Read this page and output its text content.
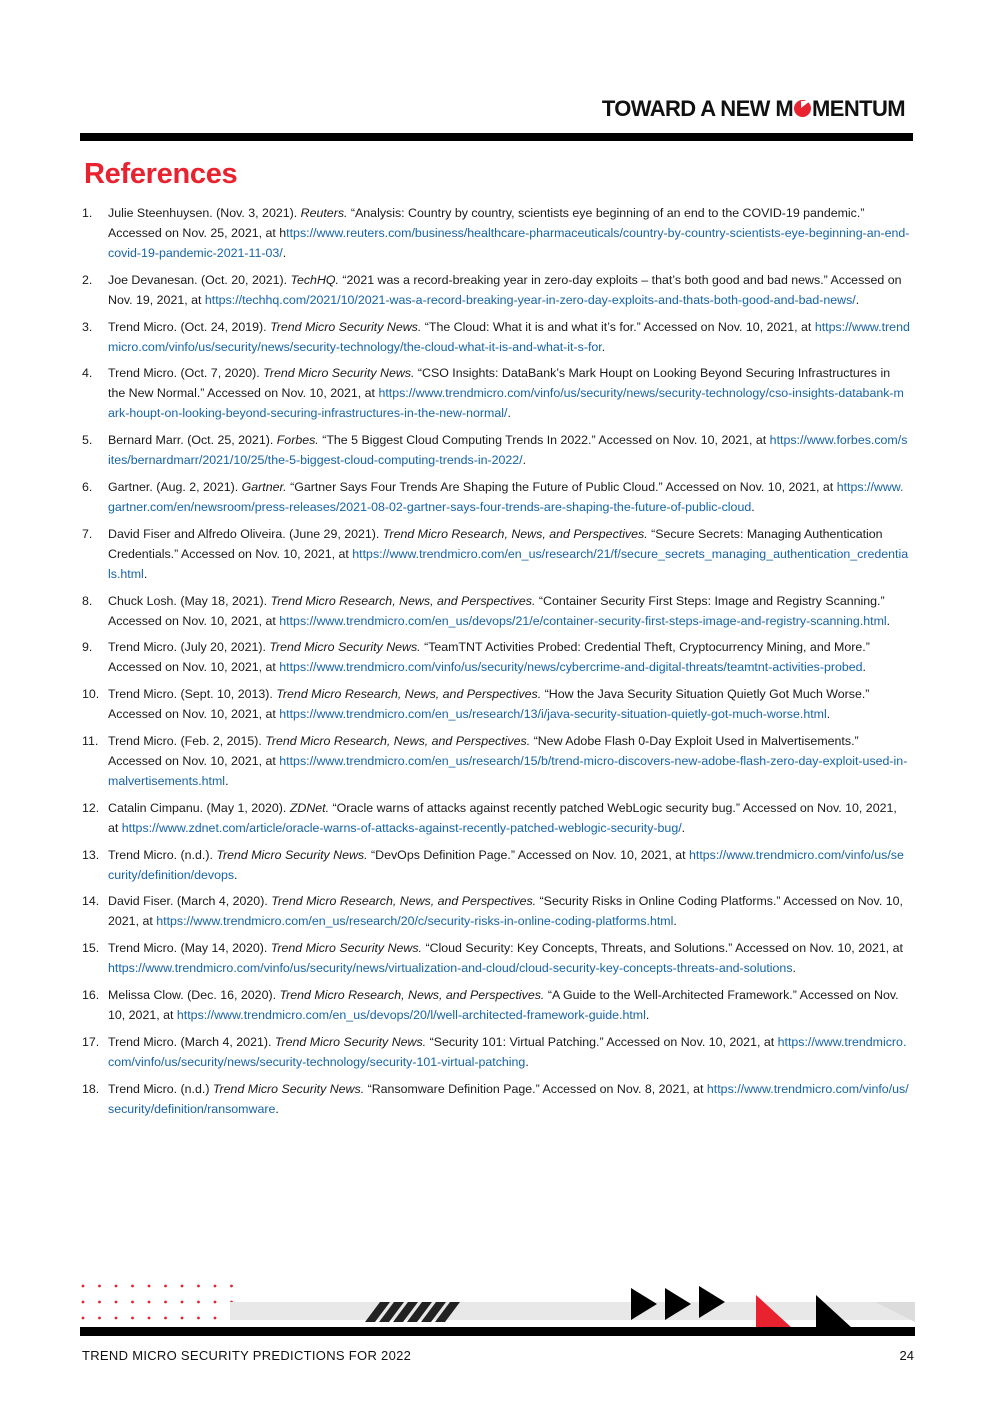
TOWARD A NEW M MENTUM
References
1. Julie Steenhuysen. (Nov. 3, 2021). Reuters. “Analysis: Country by country, scientists eye beginning of an end to the COVID-19 pandemic.” Accessed on Nov. 25, 2021, at https://www.reuters.com/business/healthcare-pharmaceuticals/country-by-country-scientists-eye-beginning-an-end-covid-19-pandemic-2021-11-03/.
2. Joe Devanesan. (Oct. 20, 2021). TechHQ. “2021 was a record-breaking year in zero-day exploits – that’s both good and bad news.” Accessed on Nov. 19, 2021, at https://techhq.com/2021/10/2021-was-a-record-breaking-year-in-zero-day-exploits-and-thats-both-good-and-bad-news/.
3. Trend Micro. (Oct. 24, 2019). Trend Micro Security News. “The Cloud: What it is and what it’s for.” Accessed on Nov. 10, 2021, at https://www.trendmicro.com/vinfo/us/security/news/security-technology/the-cloud-what-it-is-and-what-it-s-for.
4. Trend Micro. (Oct. 7, 2020). Trend Micro Security News. “CSO Insights: DataBank’s Mark Houpt on Looking Beyond Securing Infrastructures in the New Normal.” Accessed on Nov. 10, 2021, at https://www.trendmicro.com/vinfo/us/security/news/security-technology/cso-insights-databank-mark-houpt-on-looking-beyond-securing-infrastructures-in-the-new-normal/.
5. Bernard Marr. (Oct. 25, 2021). Forbes. “The 5 Biggest Cloud Computing Trends In 2022.” Accessed on Nov. 10, 2021, at https://www.forbes.com/sites/bernardmarr/2021/10/25/the-5-biggest-cloud-computing-trends-in-2022/.
6. Gartner. (Aug. 2, 2021). Gartner. “Gartner Says Four Trends Are Shaping the Future of Public Cloud.” Accessed on Nov. 10, 2021, at https://www.gartner.com/en/newsroom/press-releases/2021-08-02-gartner-says-four-trends-are-shaping-the-future-of-public-cloud.
7. David Fiser and Alfredo Oliveira. (June 29, 2021). Trend Micro Research, News, and Perspectives. “Secure Secrets: Managing Authentication Credentials.” Accessed on Nov. 10, 2021, at https://www.trendmicro.com/en_us/research/21/f/secure_secrets_managing_authentication_credentials.html.
8. Chuck Losh. (May 18, 2021). Trend Micro Research, News, and Perspectives. “Container Security First Steps: Image and Registry Scanning.” Accessed on Nov. 10, 2021, at https://www.trendmicro.com/en_us/devops/21/e/container-security-first-steps-image-and-registry-scanning.html.
9. Trend Micro. (July 20, 2021). Trend Micro Security News. “TeamTNT Activities Probed: Credential Theft, Cryptocurrency Mining, and More.” Accessed on Nov. 10, 2021, at https://www.trendmicro.com/vinfo/us/security/news/cybercrime-and-digital-threats/teamtnt-activities-probed.
10. Trend Micro. (Sept. 10, 2013). Trend Micro Research, News, and Perspectives. “How the Java Security Situation Quietly Got Much Worse.” Accessed on Nov. 10, 2021, at https://www.trendmicro.com/en_us/research/13/i/java-security-situation-quietly-got-much-worse.html.
11. Trend Micro. (Feb. 2, 2015). Trend Micro Research, News, and Perspectives. “New Adobe Flash 0-Day Exploit Used in Malvertisements.” Accessed on Nov. 10, 2021, at https://www.trendmicro.com/en_us/research/15/b/trend-micro-discovers-new-adobe-flash-zero-day-exploit-used-in-malvertisements.html.
12. Catalin Cimpanu. (May 1, 2020). ZDNet. “Oracle warns of attacks against recently patched WebLogic security bug.” Accessed on Nov. 10, 2021, at https://www.zdnet.com/article/oracle-warns-of-attacks-against-recently-patched-weblogic-security-bug/.
13. Trend Micro. (n.d.). Trend Micro Security News. “DevOps Definition Page.” Accessed on Nov. 10, 2021, at https://www.trendmicro.com/vinfo/us/security/definition/devops.
14. David Fiser. (March 4, 2020). Trend Micro Research, News, and Perspectives. “Security Risks in Online Coding Platforms.” Accessed on Nov. 10, 2021, at https://www.trendmicro.com/en_us/research/20/c/security-risks-in-online-coding-platforms.html.
15. Trend Micro. (May 14, 2020). Trend Micro Security News. “Cloud Security: Key Concepts, Threats, and Solutions.” Accessed on Nov. 10, 2021, at https://www.trendmicro.com/vinfo/us/security/news/virtualization-and-cloud/cloud-security-key-concepts-threats-and-solutions.
16. Melissa Clow. (Dec. 16, 2020). Trend Micro Research, News, and Perspectives. “A Guide to the Well-Architected Framework.” Accessed on Nov. 10, 2021, at https://www.trendmicro.com/en_us/devops/20/l/well-architected-framework-guide.html.
17. Trend Micro. (March 4, 2021). Trend Micro Security News. “Security 101: Virtual Patching.” Accessed on Nov. 10, 2021, at https://www.trendmicro.com/vinfo/us/security/news/security-technology/security-101-virtual-patching.
18. Trend Micro. (n.d.) Trend Micro Security News. “Ransomware Definition Page.” Accessed on Nov. 8, 2021, at https://www.trendmicro.com/vinfo/us/security/definition/ransomware.
TREND MICRO SECURITY PREDICTIONS FOR 2022	24
